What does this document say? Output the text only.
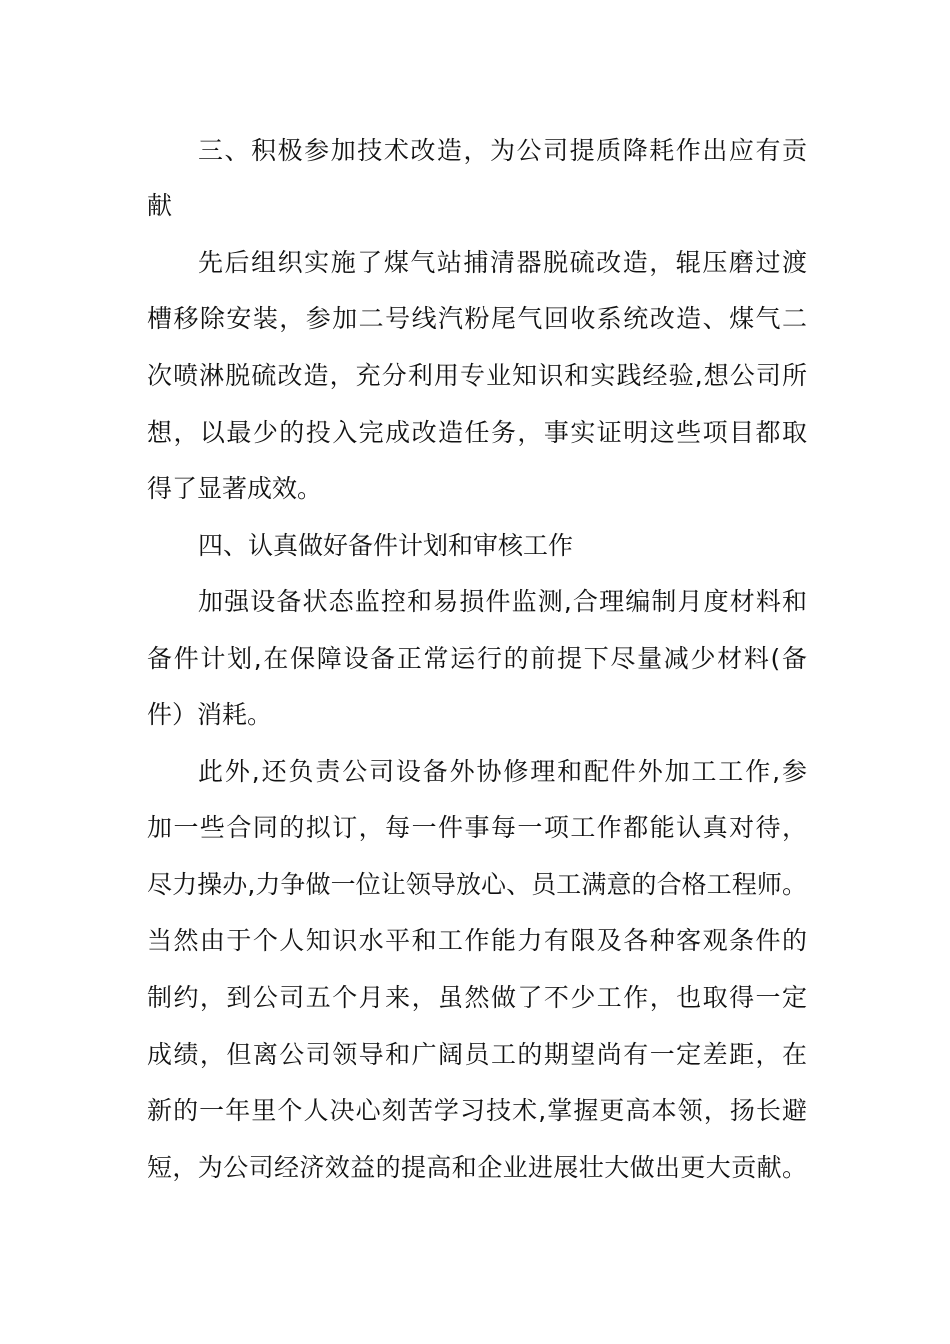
三、积极参加技术改造，为公司提质降耗作出应有贡
献
先后组织实施了煤气站捕清器脱硫改造，辊压磨过渡
槽移除安装，参加二号线汽粉尾气回收系统改造、煤气二
次喷淋脱硫改造，充分利用专业知识和实践经验,想公司所
想，以最少的投入完成改造任务，事实证明这些项目都取
得了显著成效。
四、认真做好备件计划和审核工作
加强设备状态监控和易损件监测,合理编制月度材料和
备件计划,在保障设备正常运行的前提下尽量减少材料(备
件）消耗。
此外,还负责公司设备外协修理和配件外加工工作,参
加一些合同的拟订，每一件事每一项工作都能认真对待，
尽力操办,力争做一位让领导放心、员工满意的合格工程师。
当然由于个人知识水平和工作能力有限及各种客观条件的
制约，到公司五个月来，虽然做了不少工作，也取得一定
成绩，但离公司领导和广阔员工的期望尚有一定差距，在
新的一年里个人决心刻苦学习技术,掌握更高本领，扬长避
短，为公司经济效益的提高和企业进展壮大做出更大贡献。
